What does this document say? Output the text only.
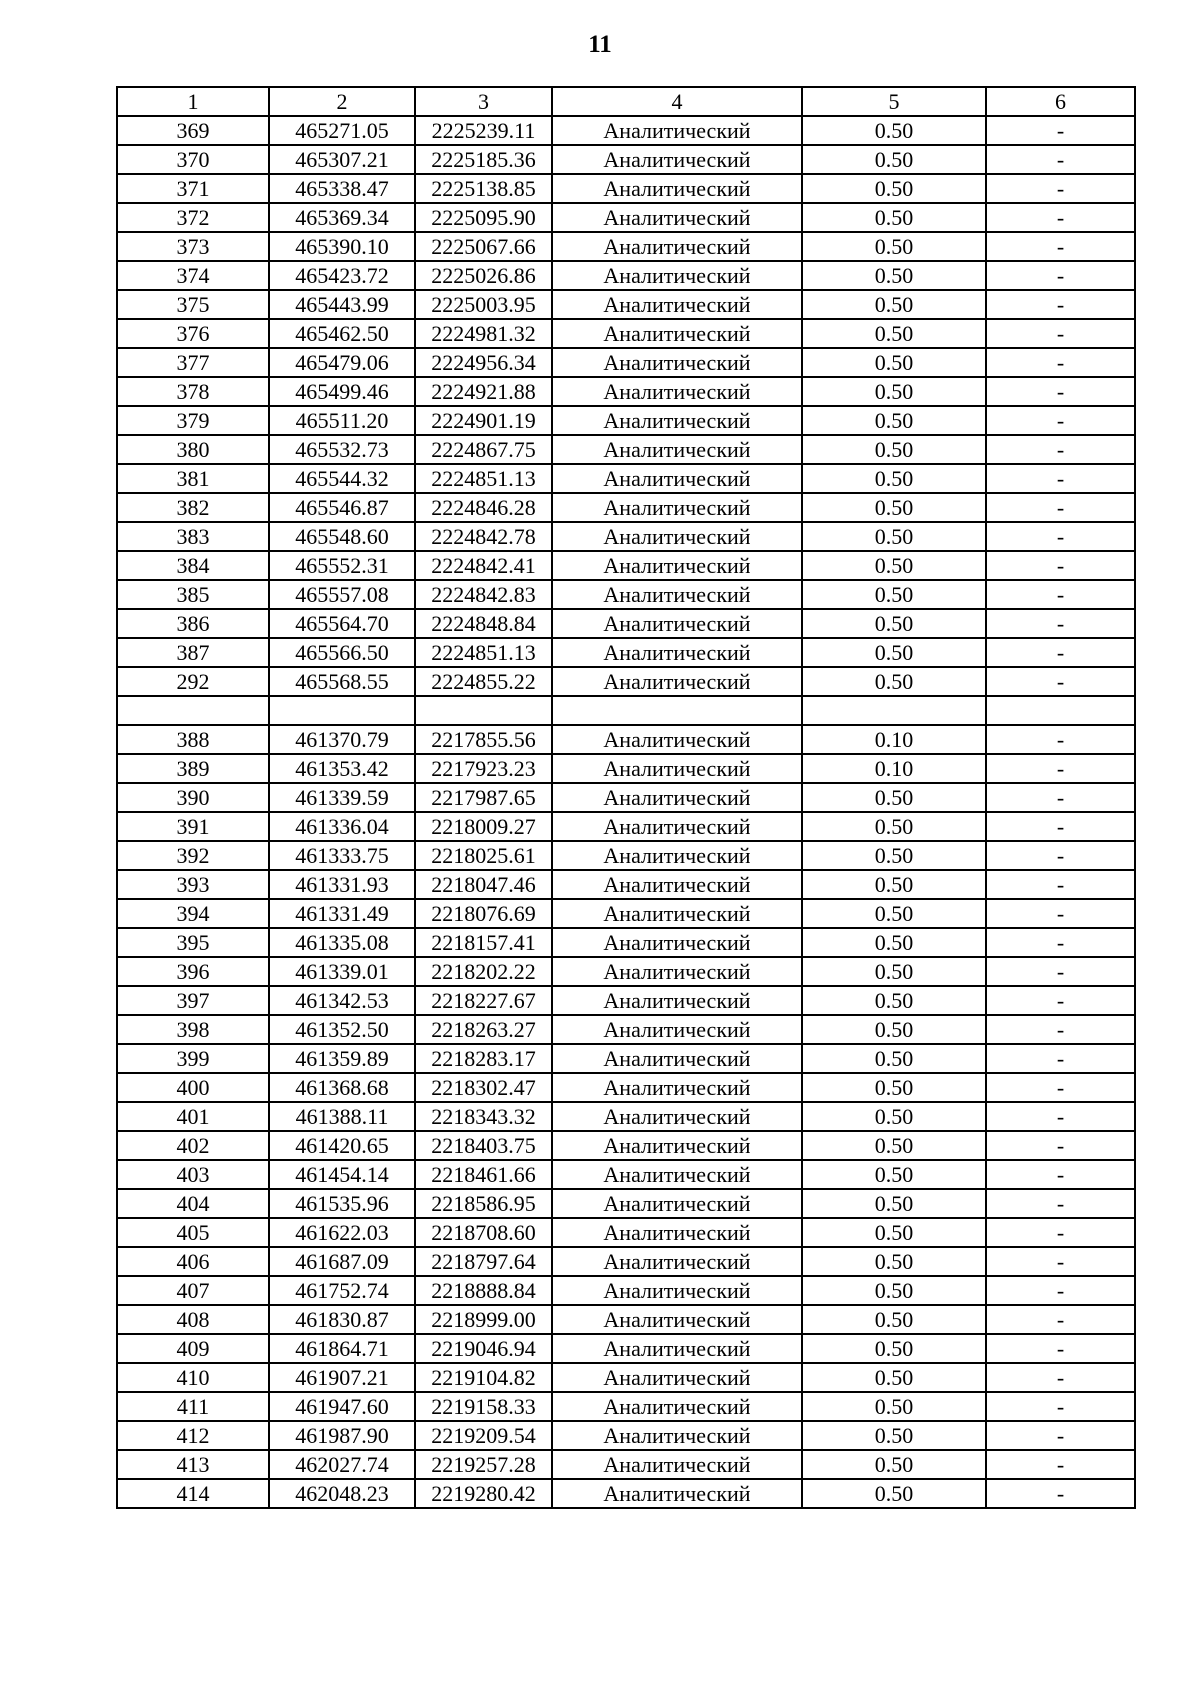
11
1	2	3	4	5	6
369	465271.05	2225239.11	Аналитический	0.50	-
370	465307.21	2225185.36	Аналитический	0.50	-
371	465338.47	2225138.85	Аналитический	0.50	-
372	465369.34	2225095.90	Аналитический	0.50	-
373	465390.10	2225067.66	Аналитический	0.50	-
374	465423.72	2225026.86	Аналитический	0.50	-
375	465443.99	2225003.95	Аналитический	0.50	-
376	465462.50	2224981.32	Аналитический	0.50	-
377	465479.06	2224956.34	Аналитический	0.50	-
378	465499.46	2224921.88	Аналитический	0.50	-
379	465511.20	2224901.19	Аналитический	0.50	-
380	465532.73	2224867.75	Аналитический	0.50	-
381	465544.32	2224851.13	Аналитический	0.50	-
382	465546.87	2224846.28	Аналитический	0.50	-
383	465548.60	2224842.78	Аналитический	0.50	-
384	465552.31	2224842.41	Аналитический	0.50	-
385	465557.08	2224842.83	Аналитический	0.50	-
386	465564.70	2224848.84	Аналитический	0.50	-
387	465566.50	2224851.13	Аналитический	0.50	-
292	465568.55	2224855.22	Аналитический	0.50	-

388	461370.79	2217855.56	Аналитический	0.10	-
389	461353.42	2217923.23	Аналитический	0.10	-
390	461339.59	2217987.65	Аналитический	0.50	-
391	461336.04	2218009.27	Аналитический	0.50	-
392	461333.75	2218025.61	Аналитический	0.50	-
393	461331.93	2218047.46	Аналитический	0.50	-
394	461331.49	2218076.69	Аналитический	0.50	-
395	461335.08	2218157.41	Аналитический	0.50	-
396	461339.01	2218202.22	Аналитический	0.50	-
397	461342.53	2218227.67	Аналитический	0.50	-
398	461352.50	2218263.27	Аналитический	0.50	-
399	461359.89	2218283.17	Аналитический	0.50	-
400	461368.68	2218302.47	Аналитический	0.50	-
401	461388.11	2218343.32	Аналитический	0.50	-
402	461420.65	2218403.75	Аналитический	0.50	-
403	461454.14	2218461.66	Аналитический	0.50	-
404	461535.96	2218586.95	Аналитический	0.50	-
405	461622.03	2218708.60	Аналитический	0.50	-
406	461687.09	2218797.64	Аналитический	0.50	-
407	461752.74	2218888.84	Аналитический	0.50	-
408	461830.87	2218999.00	Аналитический	0.50	-
409	461864.71	2219046.94	Аналитический	0.50	-
410	461907.21	2219104.82	Аналитический	0.50	-
411	461947.60	2219158.33	Аналитический	0.50	-
412	461987.90	2219209.54	Аналитический	0.50	-
413	462027.74	2219257.28	Аналитический	0.50	-
414	462048.23	2219280.42	Аналитический	0.50	-
